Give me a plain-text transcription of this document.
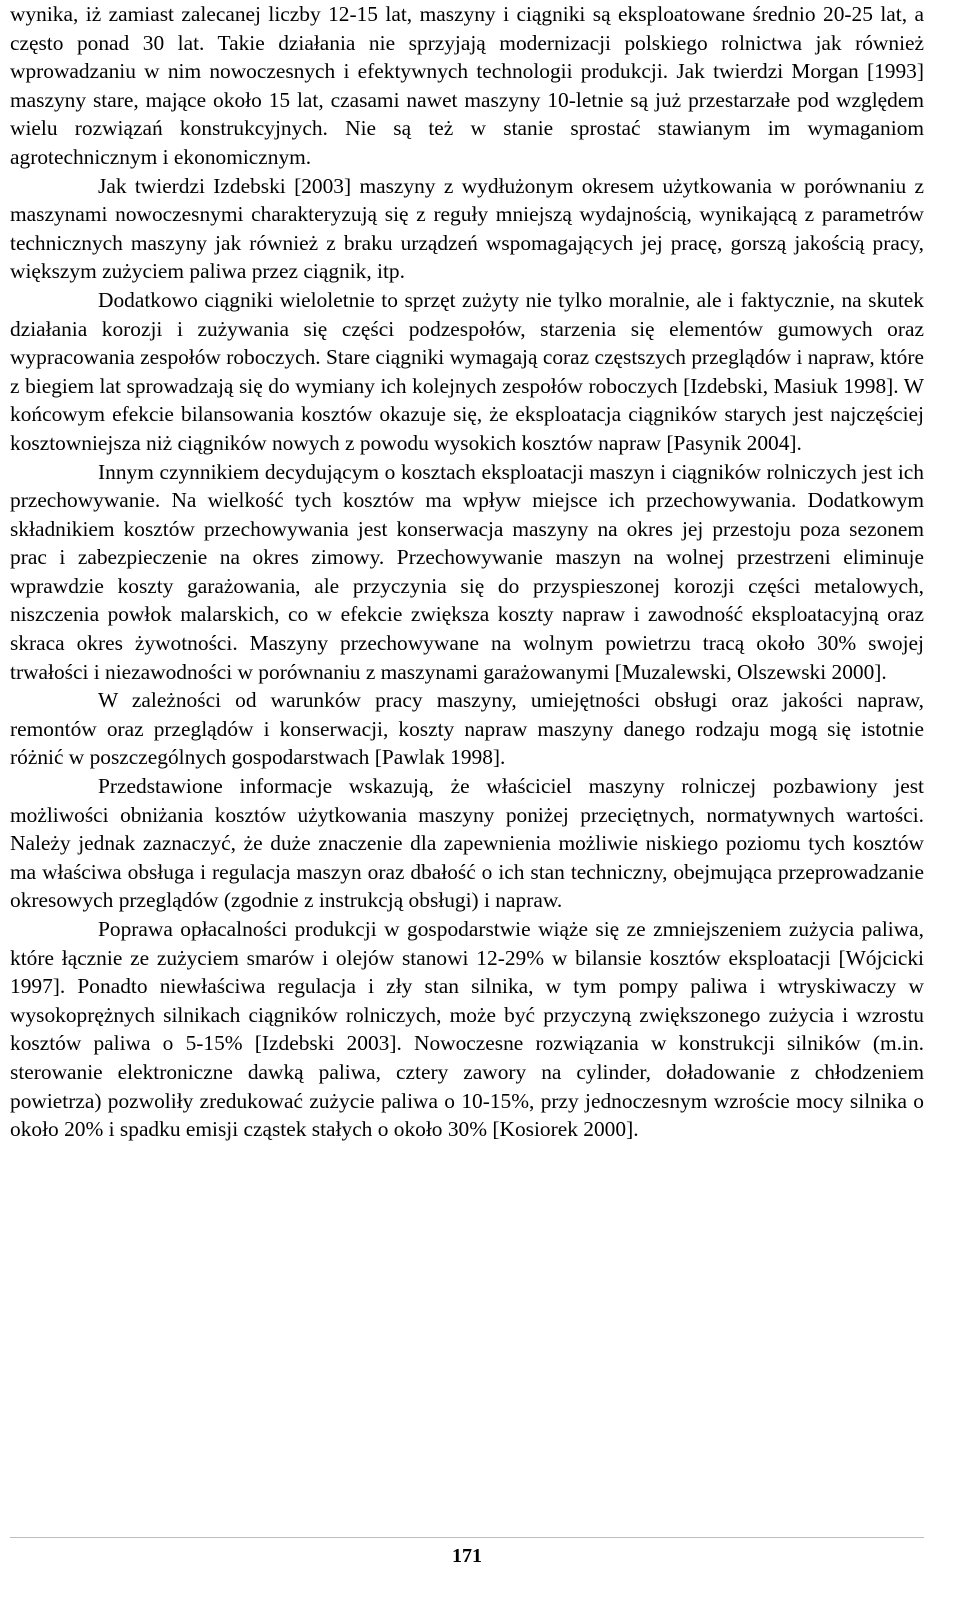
wynika, iż zamiast zalecanej liczby 12-15 lat, maszyny i ciągniki są eksploatowane średnio 20-25 lat, a często ponad 30 lat. Takie działania nie sprzyjają modernizacji polskiego rolnictwa jak również wprowadzaniu w nim nowoczesnych i efektywnych technologii produkcji. Jak twierdzi Morgan [1993] maszyny stare, mające około 15 lat, czasami nawet maszyny 10-letnie są już przestarzałe pod względem wielu rozwiązań konstrukcyjnych. Nie są też w stanie sprostać stawianym im wymaganiom agrotechnicznym i ekonomicznym.

Jak twierdzi Izdebski [2003] maszyny z wydłużonym okresem użytkowania w porównaniu z maszynami nowoczesnymi charakteryzują się z reguły mniejszą wydajnością, wynikającą z parametrów technicznych maszyny jak również z braku urządzeń wspomagających jej pracę, gorszą jakością pracy, większym zużyciem paliwa przez ciągnik, itp.

Dodatkowo ciągniki wieloletnie to sprzęt zużyty nie tylko moralnie, ale i faktycznie, na skutek działania korozji i zużywania się części podzespołów, starzenia się elementów gumowych oraz wypracowania zespołów roboczych. Stare ciągniki wymagają coraz częstszych przeglądów i napraw, które z biegiem lat sprowadzają się do wymiany ich kolejnych zespołów roboczych [Izdebski, Masiuk 1998]. W końcowym efekcie bilansowania kosztów okazuje się, że eksploatacja ciągników starych jest najczęściej kosztowniejsza niż ciągników nowych z powodu wysokich kosztów napraw [Pasynik 2004].

Innym czynnikiem decydującym o kosztach eksploatacji maszyn i ciągników rolniczych jest ich przechowywanie. Na wielkość tych kosztów ma wpływ miejsce ich przechowywania. Dodatkowym składnikiem kosztów przechowywania jest konserwacja maszyny na okres jej przestoju poza sezonem prac i zabezpieczenie na okres zimowy. Przechowywanie maszyn na wolnej przestrzeni eliminuje wprawdzie koszty garażowania, ale przyczynia się do przyspieszonej korozji części metalowych, niszczenia powłok malarskich, co w efekcie zwiększa koszty napraw i zawodność eksploatacyjną oraz skraca okres żywotności. Maszyny przechowywane na wolnym powietrzu tracą około 30% swojej trwałości i niezawodności w porównaniu z maszynami garażowanymi [Muzalewski, Olszewski 2000].

W zależności od warunków pracy maszyny, umiejętności obsługi oraz jakości napraw, remontów oraz przeglądów i konserwacji, koszty napraw maszyny danego rodzaju mogą się istotnie różnić w poszczególnych gospodarstwach [Pawlak 1998].

Przedstawione informacje wskazują, że właściciel maszyny rolniczej pozbawiony jest możliwości obniżania kosztów użytkowania maszyny poniżej przeciętnych, normatywnych wartości. Należy jednak zaznaczyć, że duże znaczenie dla zapewnienia możliwie niskiego poziomu tych kosztów ma właściwa obsługa i regulacja maszyn oraz dbałość o ich stan techniczny, obejmująca przeprowadzanie okresowych przeglądów (zgodnie z instrukcją obsługi) i napraw.

Poprawa opłacalności produkcji w gospodarstwie wiąże się ze zmniejszeniem zużycia paliwa, które łącznie ze zużyciem smarów i olejów stanowi 12-29% w bilansie kosztów eksploatacji [Wójcicki 1997]. Ponadto niewłaściwa regulacja i zły stan silnika, w tym pompy paliwa i wtryskiwaczy w wysokoprężnych silnikach ciągników rolniczych, może być przyczyną zwiększonego zużycia i wzrostu kosztów paliwa o 5-15% [Izdebski 2003]. Nowoczesne rozwiązania w konstrukcji silników (m.in. sterowanie elektroniczne dawką paliwa, cztery zawory na cylinder, doładowanie z chłodzeniem powietrza) pozwoliły zredukować zużycie paliwa o 10-15%, przy jednoczesnym wzroście mocy silnika o około 20% i spadku emisji cząstek stałych o około 30% [Kosiorek 2000].

171
